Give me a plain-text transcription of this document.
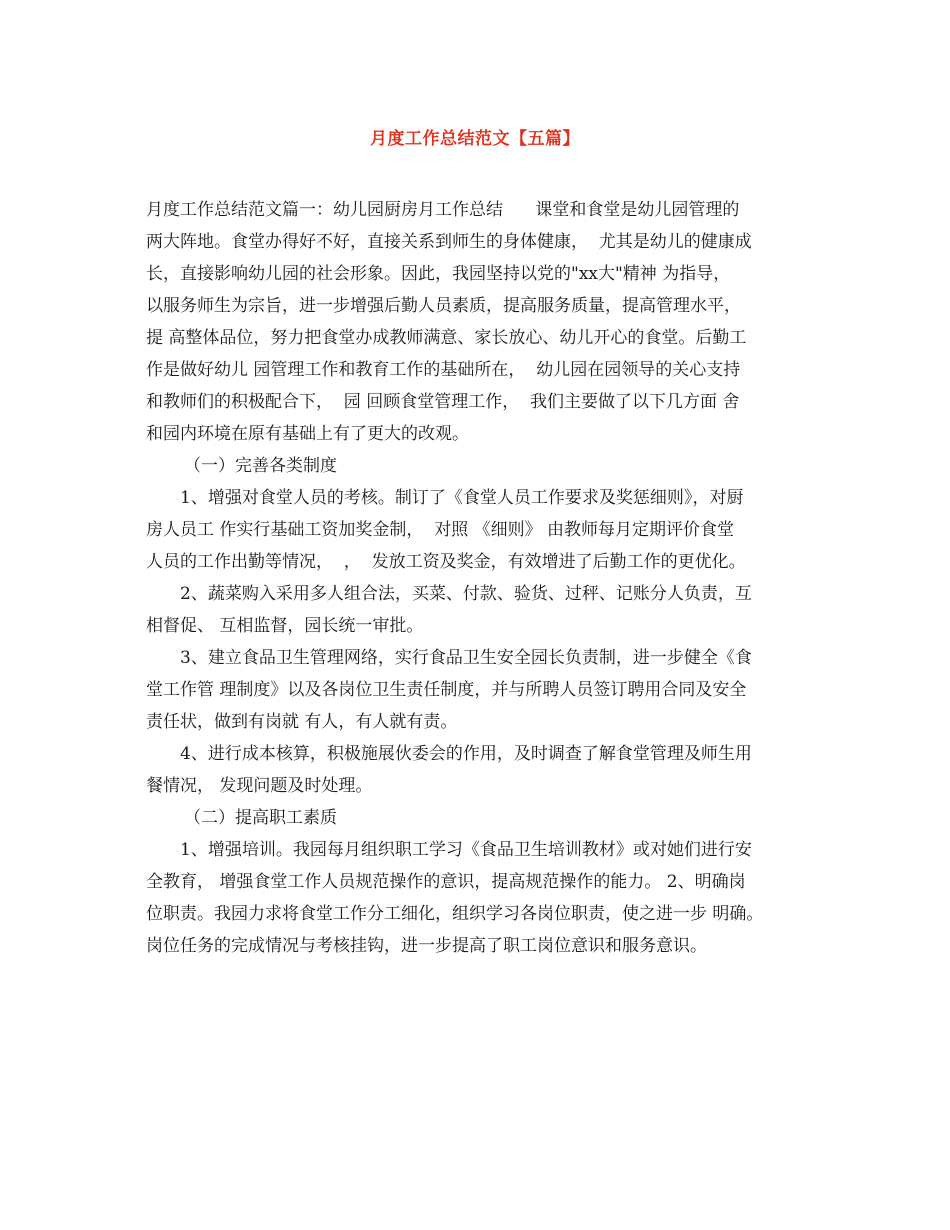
月度工作总结范文【五篇】
月度工作总结范文篇一：幼儿园厨房月工作总结      课堂和食堂是幼儿园管理的
两大阵地。食堂办得好不好，直接关系到师生的身体健康，  尤其是幼儿的健康成
长，直接影响幼儿园的社会形象。因此，我园坚持以党的"xx大"精神 为指导，
以服务师生为宗旨，进一步增强后勤人员素质，提高服务质量，提高管理水平，
提 高整体品位，努力把食堂办成教师满意、家长放心、幼儿开心的食堂。后勤工
作是做好幼儿 园管理工作和教育工作的基础所在，  幼儿园在园领导的关心支持
和教师们的积极配合下，  园 回顾食堂管理工作，  我们主要做了以下几方面 舍
和园内环境在原有基础上有了更大的改观。
（一）完善各类制度
1、增强对食堂人员的考核。制订了《食堂人员工作要求及奖惩细则》，对厨
房人员工 作实行基础工资加奖金制，  对照 《细则》 由教师每月定期评价食堂
人员的工作出勤等情况，  ，  发放工资及奖金，有效增进了后勤工作的更优化。
2、蔬菜购入采用多人组合法，买菜、付款、验货、过秤、记账分人负责，互
相督促、 互相监督，园长统一审批。
3、建立食品卫生管理网络，实行食品卫生安全园长负责制，进一步健全《食
堂工作管 理制度》以及各岗位卫生责任制度，并与所聘人员签订聘用合同及安全
责任状，做到有岗就 有人，有人就有责。
4、进行成本核算，积极施展伙委会的作用，及时调查了解食堂管理及师生用
餐情况， 发现问题及时处理。
（二）提高职工素质
1、增强培训。我园每月组织职工学习《食品卫生培训教材》或对她们进行安
全教育， 增强食堂工作人员规范操作的意识，提高规范操作的能力。 2、明确岗
位职责。我园力求将食堂工作分工细化，组织学习各岗位职责，使之进一步 明确。
岗位任务的完成情况与考核挂钩，进一步提高了职工岗位意识和服务意识。
